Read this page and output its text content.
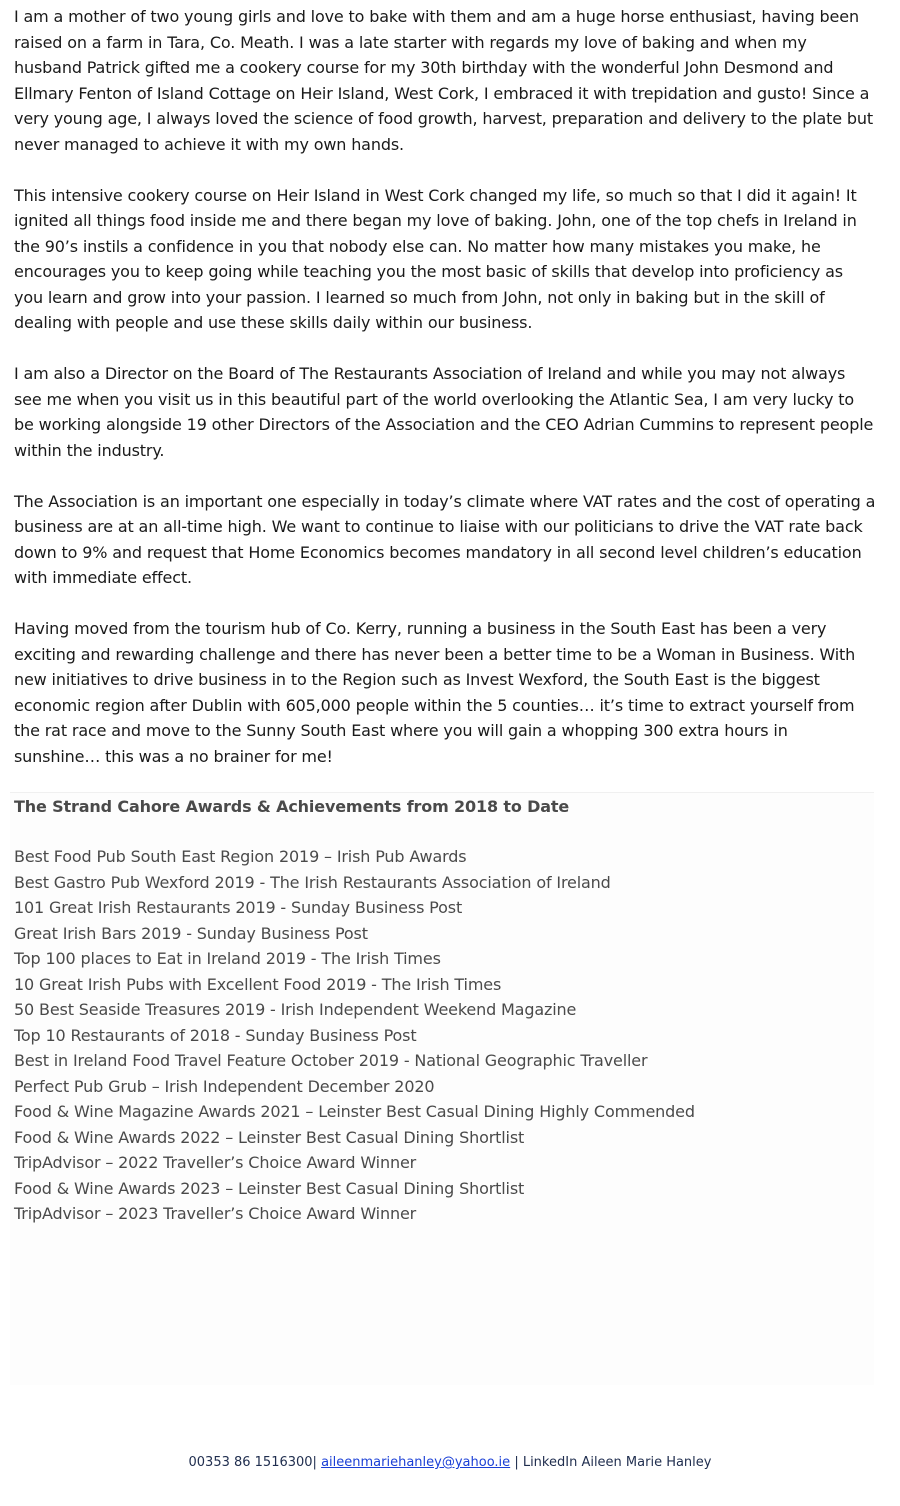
I am a mother of two young girls and love to bake with them and am a huge horse enthusiast, having been raised on a farm in Tara, Co. Meath. I was a late starter with regards my love of baking and when my husband Patrick gifted me a cookery course for my 30th birthday with the wonderful John Desmond and Ellmary Fenton of Island Cottage on Heir Island, West Cork, I embraced it with trepidation and gusto! Since a very young age, I always loved the science of food growth, harvest, preparation and delivery to the plate but never managed to achieve it with my own hands.

This intensive cookery course on Heir Island in West Cork changed my life, so much so that I did it again! It ignited all things food inside me and there began my love of baking. John, one of the top chefs in Ireland in the 90’s instils a confidence in you that nobody else can. No matter how many mistakes you make, he encourages you to keep going while teaching you the most basic of skills that develop into proficiency as you learn and grow into your passion. I learned so much from John, not only in baking but in the skill of dealing with people and use these skills daily within our business.

I am also a Director on the Board of The Restaurants Association of Ireland and while you may not always see me when you visit us in this beautiful part of the world overlooking the Atlantic Sea, I am very lucky to be working alongside 19 other Directors of the Association and the CEO Adrian Cummins to represent people within the industry.

The Association is an important one especially in today’s climate where VAT rates and the cost of operating a business are at an all-time high. We want to continue to liaise with our politicians to drive the VAT rate back down to 9% and request that Home Economics becomes mandatory in all second level children’s education with immediate effect.

Having moved from the tourism hub of Co. Kerry, running a business in the South East has been a very exciting and rewarding challenge and there has never been a better time to be a Woman in Business. With new initiatives to drive business in to the Region such as Invest Wexford, the South East is the biggest economic region after Dublin with 605,000 people within the 5 counties… it’s time to extract yourself from the rat race and move to the Sunny South East where you will gain a whopping 300 extra hours in sunshine… this was a no brainer for me!

The Strand Cahore Awards & Achievements from 2018 to Date
Best Food Pub South East Region 2019 – Irish Pub Awards
Best Gastro Pub Wexford 2019 - The Irish Restaurants Association of Ireland
101 Great Irish Restaurants 2019 - Sunday Business Post
Great Irish Bars 2019 - Sunday Business Post
Top 100 places to Eat in Ireland 2019 - The Irish Times
10 Great Irish Pubs with Excellent Food 2019 - The Irish Times
50 Best Seaside Treasures 2019 - Irish Independent Weekend Magazine
Top 10 Restaurants of 2018 - Sunday Business Post
Best in Ireland Food Travel Feature October 2019 - National Geographic Traveller
Perfect Pub Grub – Irish Independent December 2020
Food & Wine Magazine Awards 2021 – Leinster Best Casual Dining Highly Commended
Food & Wine Awards 2022 – Leinster Best Casual Dining Shortlist
TripAdvisor – 2022 Traveller’s Choice Award Winner
Food & Wine Awards 2023 – Leinster Best Casual Dining Shortlist
TripAdvisor – 2023 Traveller’s Choice Award Winner
00353 86 1516300| aileenmariehanley@yahoo.ie | LinkedIn Aileen Marie Hanley
